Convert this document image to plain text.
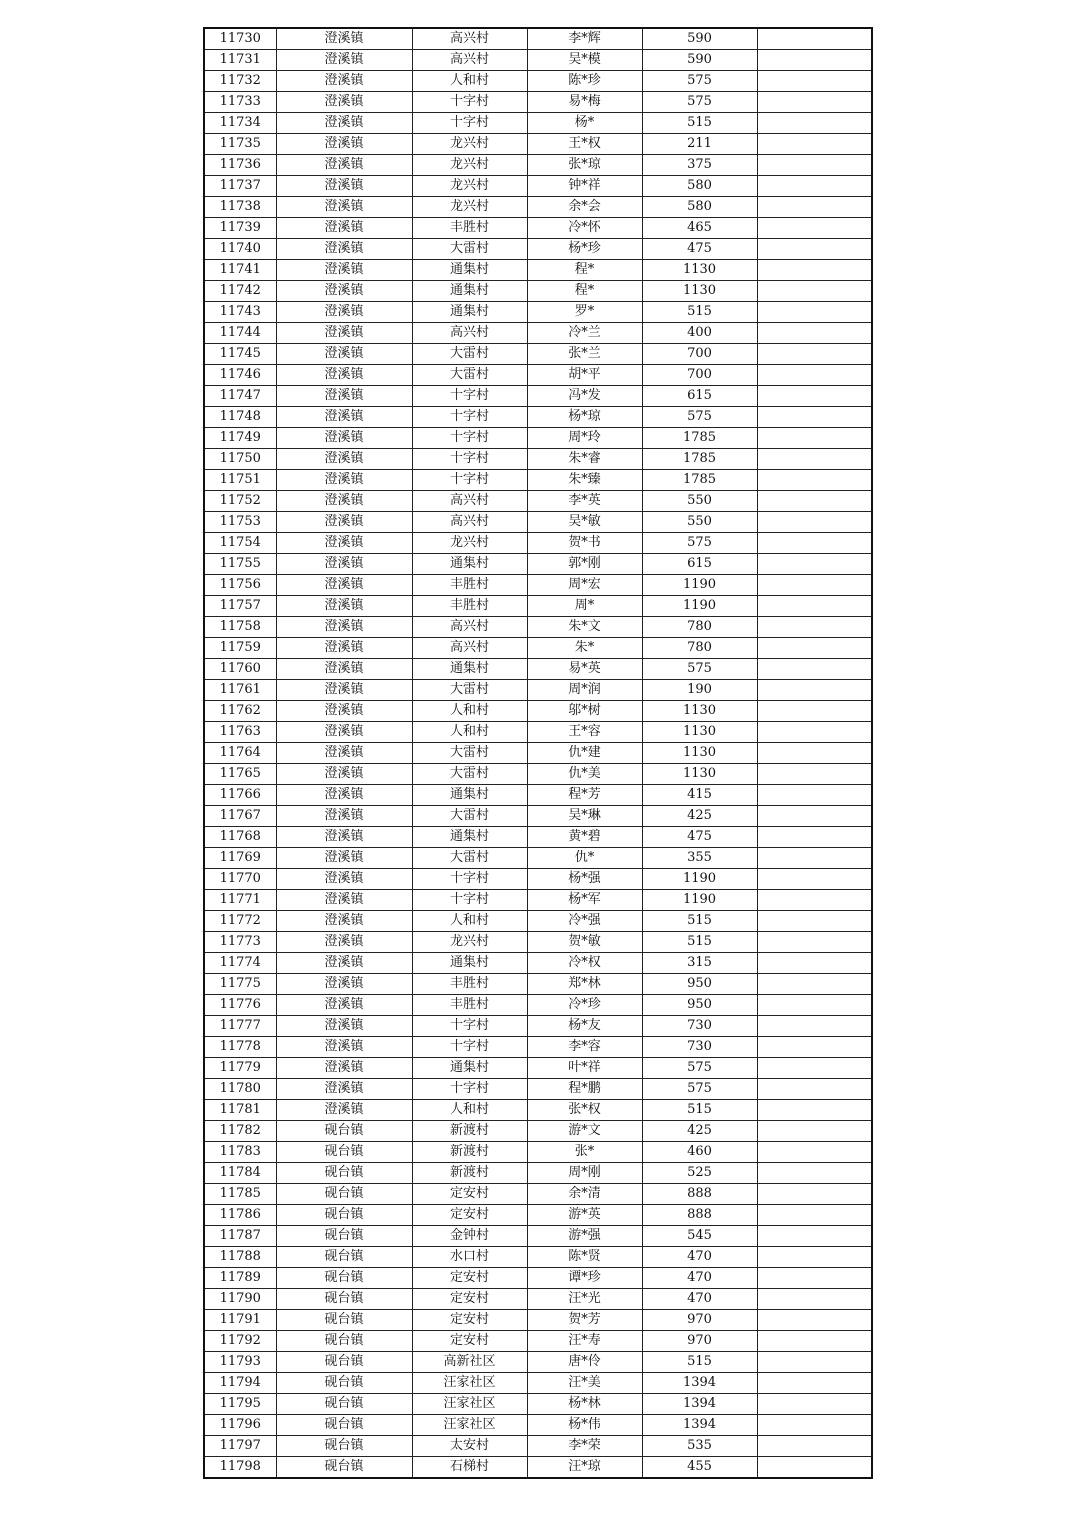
11730	澄溪镇	高兴村	李*辉	590	
11731	澄溪镇	高兴村	吴*模	590	
11732	澄溪镇	人和村	陈*珍	575	
11733	澄溪镇	十字村	易*梅	575	
11734	澄溪镇	十字村	杨*	515	
11735	澄溪镇	龙兴村	王*权	211	
11736	澄溪镇	龙兴村	张*琼	375	
11737	澄溪镇	龙兴村	钟*祥	580	
11738	澄溪镇	龙兴村	余*会	580	
11739	澄溪镇	丰胜村	冷*怀	465	
11740	澄溪镇	大雷村	杨*珍	475	
11741	澄溪镇	通集村	程*	1130	
11742	澄溪镇	通集村	程*	1130	
11743	澄溪镇	通集村	罗*	515	
11744	澄溪镇	高兴村	冷*兰	400	
11745	澄溪镇	大雷村	张*兰	700	
11746	澄溪镇	大雷村	胡*平	700	
11747	澄溪镇	十字村	冯*发	615	
11748	澄溪镇	十字村	杨*琼	575	
11749	澄溪镇	十字村	周*玲	1785	
11750	澄溪镇	十字村	朱*睿	1785	
11751	澄溪镇	十字村	朱*臻	1785	
11752	澄溪镇	高兴村	李*英	550	
11753	澄溪镇	高兴村	吴*敏	550	
11754	澄溪镇	龙兴村	贺*书	575	
11755	澄溪镇	通集村	郭*刚	615	
11756	澄溪镇	丰胜村	周*宏	1190	
11757	澄溪镇	丰胜村	周*	1190	
11758	澄溪镇	高兴村	朱*文	780	
11759	澄溪镇	高兴村	朱*	780	
11760	澄溪镇	通集村	易*英	575	
11761	澄溪镇	大雷村	周*润	190	
11762	澄溪镇	人和村	邬*树	1130	
11763	澄溪镇	人和村	王*容	1130	
11764	澄溪镇	大雷村	仇*建	1130	
11765	澄溪镇	大雷村	仇*美	1130	
11766	澄溪镇	通集村	程*芳	415	
11767	澄溪镇	大雷村	吴*琳	425	
11768	澄溪镇	通集村	黄*碧	475	
11769	澄溪镇	大雷村	仇*	355	
11770	澄溪镇	十字村	杨*强	1190	
11771	澄溪镇	十字村	杨*军	1190	
11772	澄溪镇	人和村	冷*强	515	
11773	澄溪镇	龙兴村	贺*敏	515	
11774	澄溪镇	通集村	冷*权	315	
11775	澄溪镇	丰胜村	郑*林	950	
11776	澄溪镇	丰胜村	冷*珍	950	
11777	澄溪镇	十字村	杨*友	730	
11778	澄溪镇	十字村	李*容	730	
11779	澄溪镇	通集村	叶*祥	575	
11780	澄溪镇	十字村	程*鹏	575	
11781	澄溪镇	人和村	张*权	515	
11782	砚台镇	新渡村	游*文	425	
11783	砚台镇	新渡村	张*	460	
11784	砚台镇	新渡村	周*刚	525	
11785	砚台镇	定安村	余*清	888	
11786	砚台镇	定安村	游*英	888	
11787	砚台镇	金钟村	游*强	545	
11788	砚台镇	水口村	陈*贤	470	
11789	砚台镇	定安村	谭*珍	470	
11790	砚台镇	定安村	汪*光	470	
11791	砚台镇	定安村	贺*芳	970	
11792	砚台镇	定安村	汪*寿	970	
11793	砚台镇	高新社区	唐*伶	515	
11794	砚台镇	汪家社区	汪*美	1394	
11795	砚台镇	汪家社区	杨*林	1394	
11796	砚台镇	汪家社区	杨*伟	1394	
11797	砚台镇	太安村	李*荣	535	
11798	砚台镇	石梯村	汪*琼	455	
